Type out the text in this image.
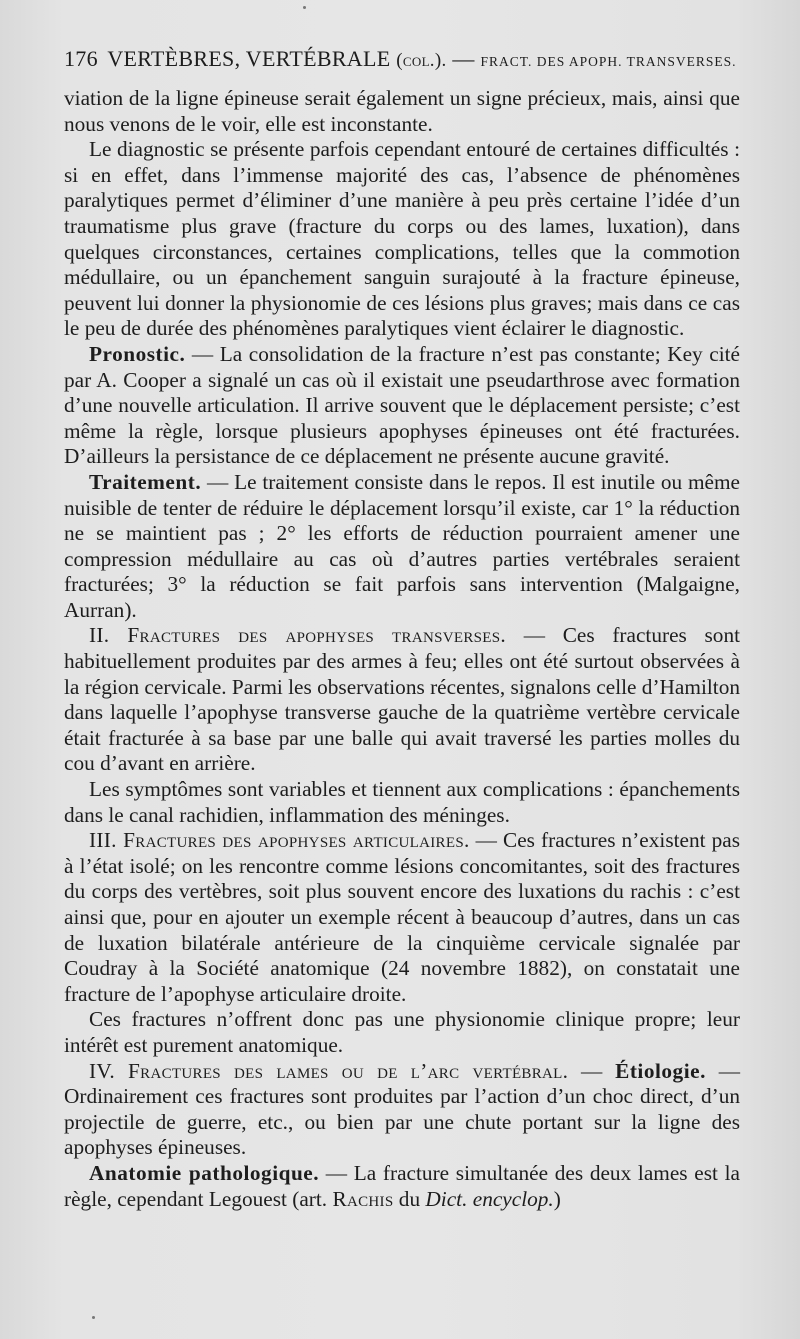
176 VERTÈBRES, VERTÉBRALE (col.). — FRACT. DES APOPH. TRANSVERSES.

viation de la ligne épineuse serait également un signe précieux, mais, ainsi que nous venons de le voir, elle est inconstante.

Le diagnostic se présente parfois cependant entouré de certaines difficultés : si en effet, dans l’immense majorité des cas, l’absence de phénomènes paralytiques permet d’éliminer d’une manière à peu près certaine l’idée d’un traumatisme plus grave (fracture du corps ou des lames, luxation), dans quelques circonstances, certaines complications, telles que la commotion médullaire, ou un épanchement sanguin surajouté à la fracture épineuse, peuvent lui donner la physionomie de ces lésions plus graves; mais dans ce cas le peu de durée des phénomènes paralytiques vient éclairer le diagnostic.

Pronostic. — La consolidation de la fracture n’est pas constante; Key cité par A. Cooper a signalé un cas où il existait une pseudarthrose avec formation d’une nouvelle articulation. Il arrive souvent que le déplacement persiste; c’est même la règle, lorsque plusieurs apophyses épineuses ont été fracturées. D’ailleurs la persistance de ce déplacement ne présente aucune gravité.

Traitement. — Le traitement consiste dans le repos. Il est inutile ou même nuisible de tenter de réduire le déplacement lorsqu’il existe, car 1° la réduction ne se maintient pas ; 2° les efforts de réduction pourraient amener une compression médullaire au cas où d’autres parties vertébrales seraient fracturées; 3° la réduction se fait parfois sans intervention (Malgaigne, Aurran).

II. Fractures des apophyses transverses. — Ces fractures sont habituellement produites par des armes à feu; elles ont été surtout observées à la région cervicale. Parmi les observations récentes, signalons celle d’Hamilton dans laquelle l’apophyse transverse gauche de la quatrième vertèbre cervicale était fracturée à sa base par une balle qui avait traversé les parties molles du cou d’avant en arrière.

Les symptômes sont variables et tiennent aux complications : épanchements dans le canal rachidien, inflammation des méninges.

III. Fractures des apophyses articulaires. — Ces fractures n’existent pas à l’état isolé; on les rencontre comme lésions concomitantes, soit des fractures du corps des vertèbres, soit plus souvent encore des luxations du rachis : c’est ainsi que, pour en ajouter un exemple récent à beaucoup d’autres, dans un cas de luxation bilatérale antérieure de la cinquième cervicale signalée par Coudray à la Société anatomique (24 novembre 1882), on constatait une fracture de l’apophyse articulaire droite.

Ces fractures n’offrent donc pas une physionomie clinique propre; leur intérêt est purement anatomique.

IV. Fractures des lames ou de l’arc vertébral. — Étiologie. — Ordinairement ces fractures sont produites par l’action d’un choc direct, d’un projectile de guerre, etc., ou bien par une chute portant sur la ligne des apophyses épineuses.

Anatomie pathologique. — La fracture simultanée des deux lames est la règle, cependant Legouest (art. Rachis du Dict. encyclop.)
